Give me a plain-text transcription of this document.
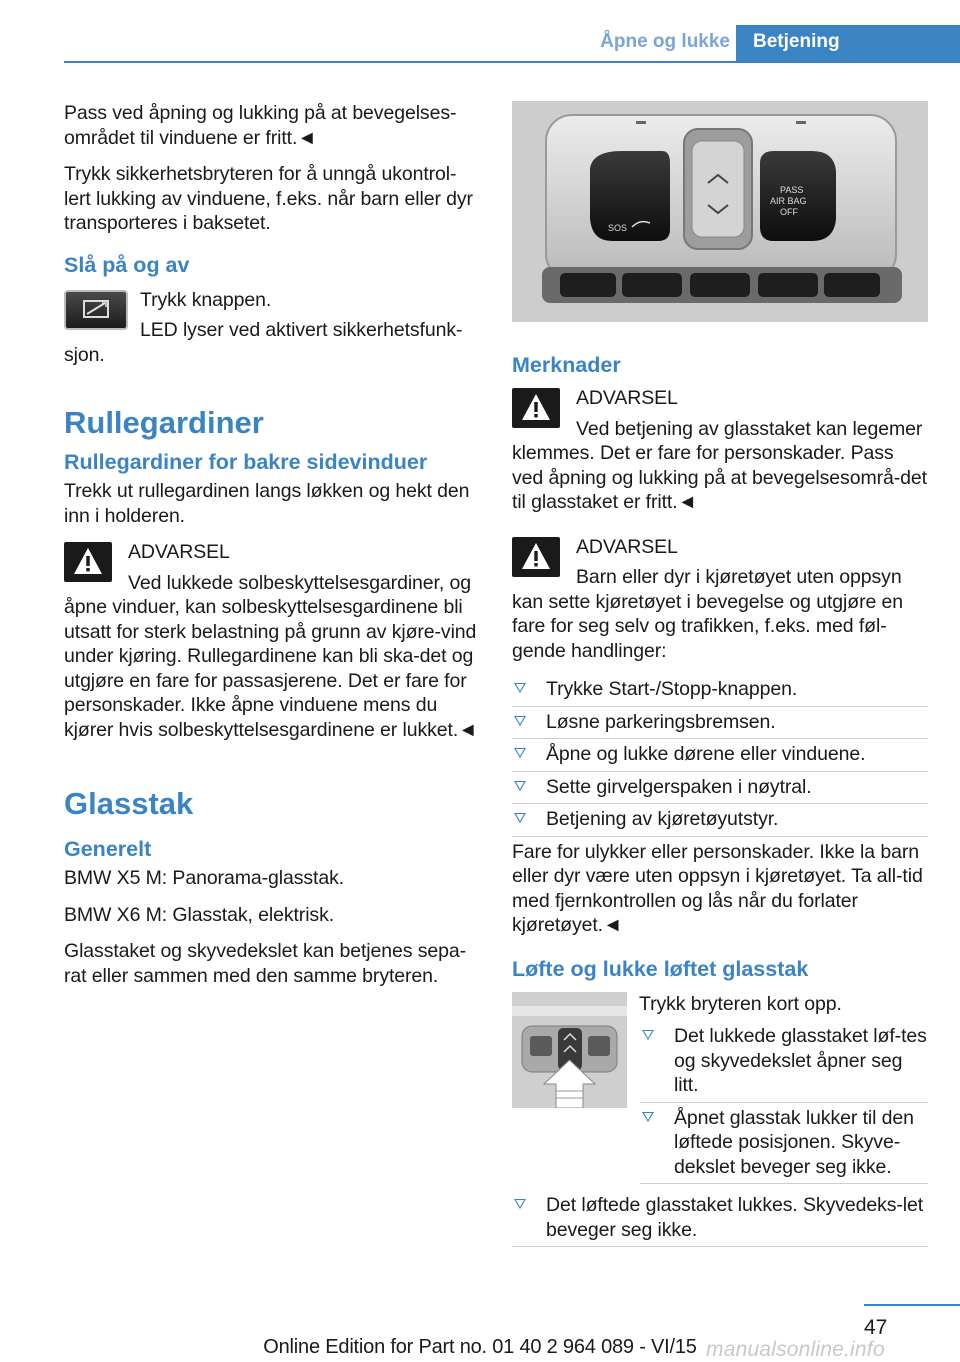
Åpne og lukke	Betjening

Pass ved åpning og lukking på at bevegelses-området til vinduene er fritt.◄

Trykk sikkerhetsbryteren for å unngå ukontrol-lert lukking av vinduene, f.eks. når barn eller dyr transporteres i baksetet.

Slå på og av

Trykk knappen.

LED lyser ved aktivert sikkerhetsfunk-sjon.

Rullegardiner
Rullegardiner for bakre sidevinduer

Trekk ut rullegardinen langs løkken og hekt den inn i holderen.

ADVARSEL

Ved lukkede solbeskyttelsesgardiner, og åpne vinduer, kan solbeskyttelsesgardinene bli utsatt for sterk belastning på grunn av kjøre-vind under kjøring. Rullegardinene kan bli ska-det og utgjøre en fare for passasjerene. Det er fare for personskader. Ikke åpne vinduene mens du kjører hvis solbeskyttelsesgardinene er lukket.◄

Glasstak
Generelt

BMW X5 M: Panorama-glasstak.

BMW X6 M: Glasstak, elektrisk.

Glasstaket og skyvedekslet kan betjenes sepa-rat eller sammen med den samme bryteren.

SOS
PASS
AIR BAG
OFF
Merknader

ADVARSEL

Ved betjening av glasstaket kan legemer klemmes. Det er fare for personskader. Pass ved åpning og lukking på at bevegelsesområ-det til glasstaket er fritt.◄

ADVARSEL

Barn eller dyr i kjøretøyet uten oppsyn kan sette kjøretøyet i bevegelse og utgjøre en fare for seg selv og trafikken, f.eks. med føl-gende handlinger:

Trykke Start-/Stopp-knappen.
Løsne parkeringsbremsen.
Åpne og lukke dørene eller vinduene.
Sette girvelgerspaken i nøytral.
Betjening av kjøretøyutstyr.

Fare for ulykker eller personskader. Ikke la barn eller dyr være uten oppsyn i kjøretøyet. Ta all-tid med fjernkontrollen og lås når du forlater kjøretøyet.◄

Løfte og lukke løftet glasstak

Trykk bryteren kort opp.

Det lukkede glasstaket løf-tes og skyvedekslet åpner seg litt.
Åpnet glasstak lukker til den løftede posisjonen. Skyve-dekslet beveger seg ikke.
Det løftede glasstaket lukkes. Skyvedeks-let beveger seg ikke.
47
Online Edition for Part no. 01 40 2 964 089 - VI/15 manualsonline.info
